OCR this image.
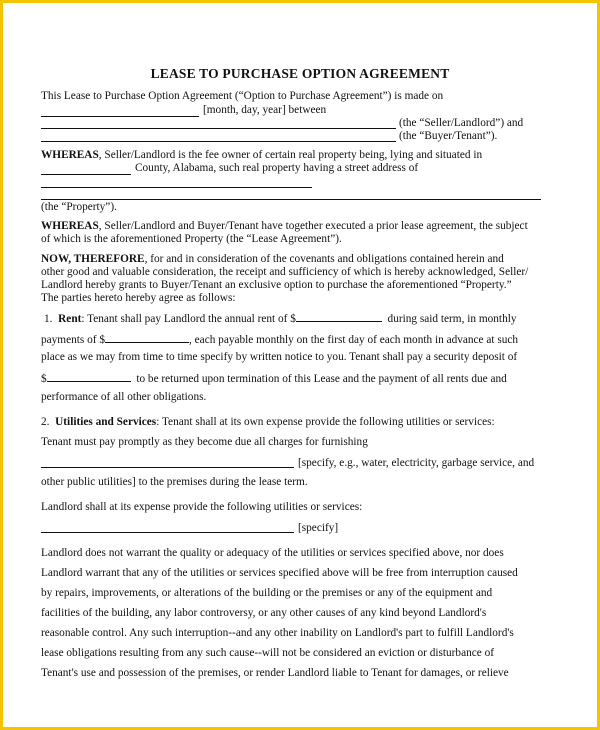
LEASE TO PURCHASE OPTION AGREEMENT
This Lease to Purchase Option Agreement (“Option to Purchase Agreement”) is made on
[month, day, year] between
(the “Seller/Landlord”) and
(the “Buyer/Tenant”).
WHEREAS, Seller/Landlord is the fee owner of certain real property being, lying and situated in
County, Alabama, such real property having a street address of
(the “Property”).
WHEREAS, Seller/Landlord and Buyer/Tenant have together executed a prior lease agreement, the subject
of which is the aforementioned Property (the “Lease Agreement”).
NOW, THEREFORE, for and in consideration of the covenants and obligations contained herein and
other good and valuable consideration, the receipt and sufficiency of which is hereby acknowledged, Seller/
Landlord hereby grants to Buyer/Tenant an exclusive option to purchase the aforementioned “Property.”
The parties hereto hereby agree as follows:
1. Rent: Tenant shall pay Landlord the annual rent of $	during said term, in monthly
payments of $	, each payable monthly on the first day of each month in advance at such
place as we may from time to time specify by written notice to you. Tenant shall pay a security deposit of
$	to be returned upon termination of this Lease and the payment of all rents due and
performance of all other obligations.
2. Utilities and Services: Tenant shall at its own expense provide the following utilities or services:
Tenant must pay promptly as they become due all charges for furnishing
[specify, e.g., water, electricity, garbage service, and
other public utilities] to the premises during the lease term.
Landlord shall at its expense provide the following utilities or services:
[specify]
Landlord does not warrant the quality or adequacy of the utilities or services specified above, nor does
Landlord warrant that any of the utilities or services specified above will be free from interruption caused
by repairs, improvements, or alterations of the building or the premises or any of the equipment and
facilities of the building, any labor controversy, or any other causes of any kind beyond Landlord's
reasonable control. Any such interruption--and any other inability on Landlord's part to fulfill Landlord's
lease obligations resulting from any such cause--will not be considered an eviction or disturbance of
Tenant's use and possession of the premises, or render Landlord liable to Tenant for damages, or relieve
